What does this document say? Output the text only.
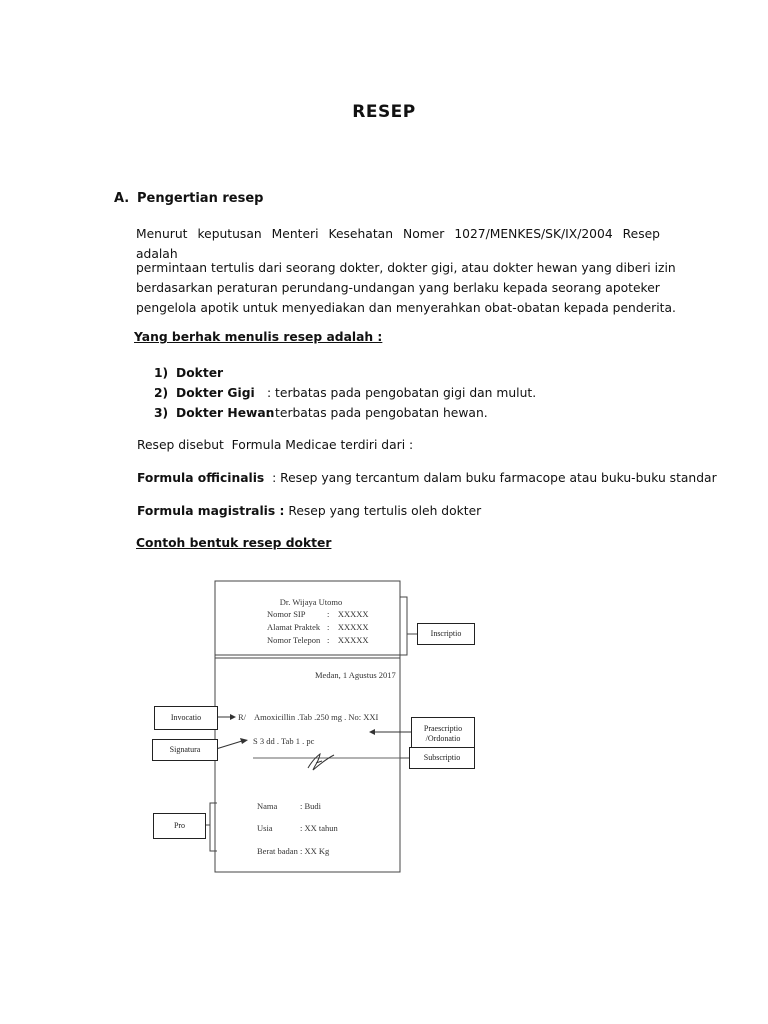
RESEP
A. Pengertian resep
Menurut keputusan Menteri Kesehatan Nomer 1027/MENKES/SK/IX/2004 Resep adalah
permintaan tertulis dari seorang dokter, dokter gigi, atau dokter hewan yang diberi izin berdasarkan peraturan perundang-undangan yang berlaku kepada seorang apoteker pengelola apotik untuk menyediakan dan menyerahkan obat-obatan kepada penderita.
Yang berhak menulis resep adalah :
1) Dokter
2) Dokter Gigi : terbatas pada pengobatan gigi dan mulut.
3) Dokter Hewan: terbatas pada pengobatan hewan.
Resep disebut  Formula Medicae terdiri dari :
Formula officinalis  : Resep yang tercantum dalam buku farmacope atau buku-buku standar
Formula magistralis : Resep yang tertulis oleh dokter
Contoh bentuk resep dokter
Dr. Wijaya Utomo
Nomor SIP	:    XXXXX
Alamat Praktek :    XXXXX
Nomor Telepon :    XXXXX
Medan, 1 Agustus 2017
R/ Amoxicillin .Tab .250 mg . No: XXI
S 3 dd . Tab 1 . pc
Nama	: Budi
Usia	: XX tahun
Berat badan : XX Kg
Inscriptio
Invocatio
Praescriptio
/Ordonatio
Signatura
Subscriptio
Pro
